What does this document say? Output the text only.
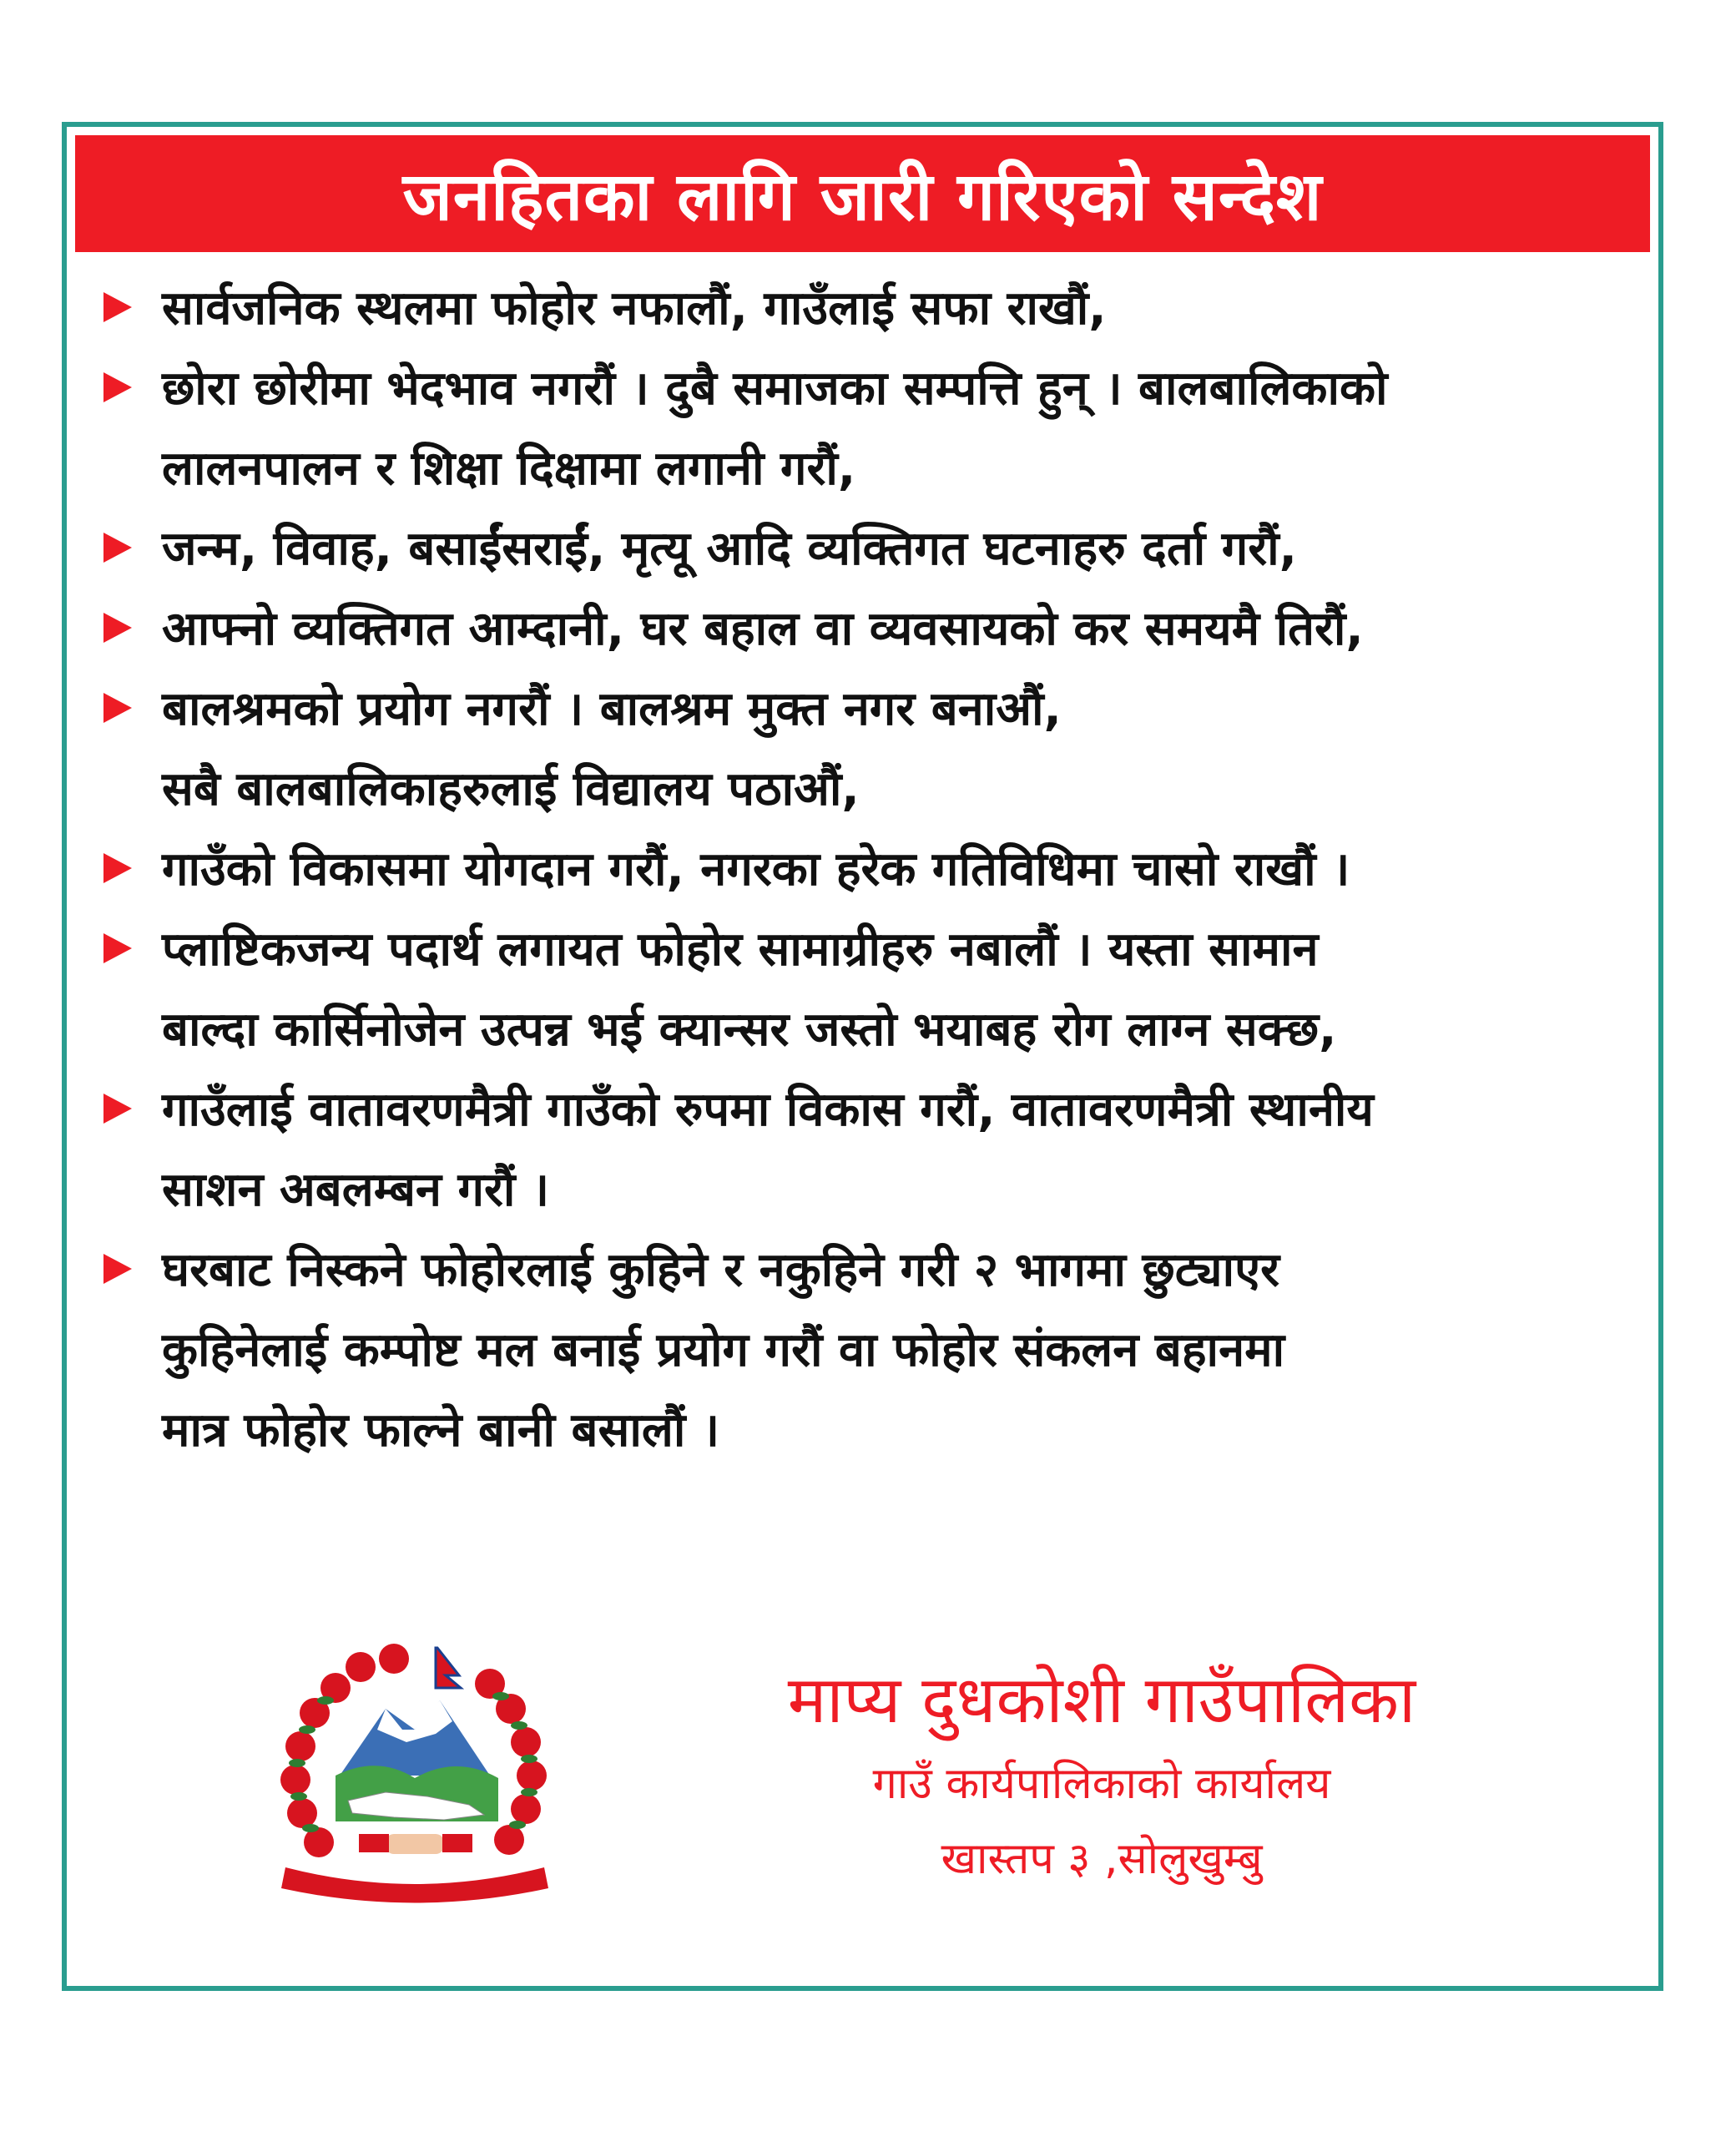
जनहितका लागि जारी गरिएको सन्देश
सार्वजनिक स्थलमा फोहोर नफालौं, गाउँलाई सफा राखौं,
छोरा छोरीमा भेदभाव नगरौं । दुबै समाजका सम्पत्ति हुन् । बालबालिकाको
लालनपालन र शिक्षा दिक्षामा लगानी गरौं,
जन्म, विवाह, बसाईंसराईं, मृत्यू आदि व्यक्तिगत घटनाहरु दर्ता गरौं,
आफ्नो व्यक्तिगत आम्दानी, घर बहाल वा व्यवसायको कर समयमै तिरौं,
बालश्रमको प्रयोग नगरौं । बालश्रम मुक्त नगर बनाऔं,
सबै बालबालिकाहरुलाई विद्यालय पठाऔं,
गाउँको विकासमा योगदान गरौं, नगरका हरेक गतिविधिमा चासो राखौं ।
प्लाष्टिकजन्य पदार्थ लगायत फोहोर सामाग्रीहरु नबालौं । यस्ता सामान
बाल्दा कार्सिनोजेन उत्पन्न भई क्यान्सर जस्तो भयाबह रोग लाग्न सक्छ,
गाउँलाई वातावरणमैत्री गाउँको रुपमा विकास गरौं, वातावरणमैत्री स्थानीय
साशन अबलम्बन गरौं ।
घरबाट निस्कने फोहोरलाई कुहिने र नकुहिने गरी २ भागमा छुट्याएर
कुहिनेलाई कम्पोष्ट मल बनाई प्रयोग गरौं वा फोहोर संकलन बहानमा
मात्र फोहोर फाल्ने बानी बसालौं ।
माप्य दुधकोशी गाउँपालिका
गाउँ कार्यपालिकाको कार्यालय
खास्तप ३ ,सोलुखुम्बु
